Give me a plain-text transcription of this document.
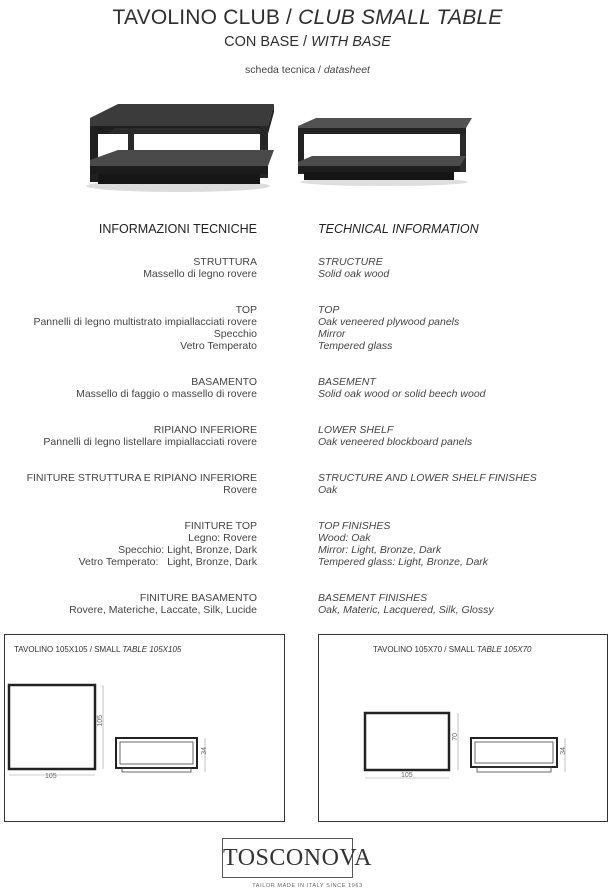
TAVOLINO CLUB / CLUB SMALL TABLE
CON BASE / WITH BASE
scheda tecnica / datasheet
INFORMAZIONI TECNICHE	TECHNICAL INFORMATION
STRUTTURA
Massello di legno rovere
STRUCTURE
Solid oak wood
TOP
Pannelli di legno multistrato impiallacciati rovere
Specchio
Vetro Temperato
TOP
Oak veneered plywood panels
Mirror
Tempered glass
BASAMENTO
Massello di faggio o massello di rovere
BASEMENT
Solid oak wood or solid beech wood
RIPIANO INFERIORE
Pannelli di legno listellare impiallacciati rovere
LOWER SHELF
Oak veneered blockboard panels
FINITURE STRUTTURA E RIPIANO INFERIORE
Rovere
STRUCTURE AND LOWER SHELF FINISHES
Oak
FINITURE TOP
Legno: Rovere
Specchio: Light, Bronze, Dark
Vetro Temperato:   Light, Bronze, Dark
TOP FINISHES
Wood: Oak
Mirror: Light, Bronze, Dark
Tempered glass: Light, Bronze, Dark
FINITURE BASAMENTO
Rovere, Materiche, Laccate, Silk, Lucide
BASEMENT FINISHES
Oak, Materic, Lacquered, Silk, Glossy
TAVOLINO 105X105 / SMALL TABLE 105X105
105
105
34
TAVOLINO 105X70 / SMALL TABLE 105X70
70
105
34
TOSCONOVA
TAILOR MADE IN ITALY SINCE 1963
